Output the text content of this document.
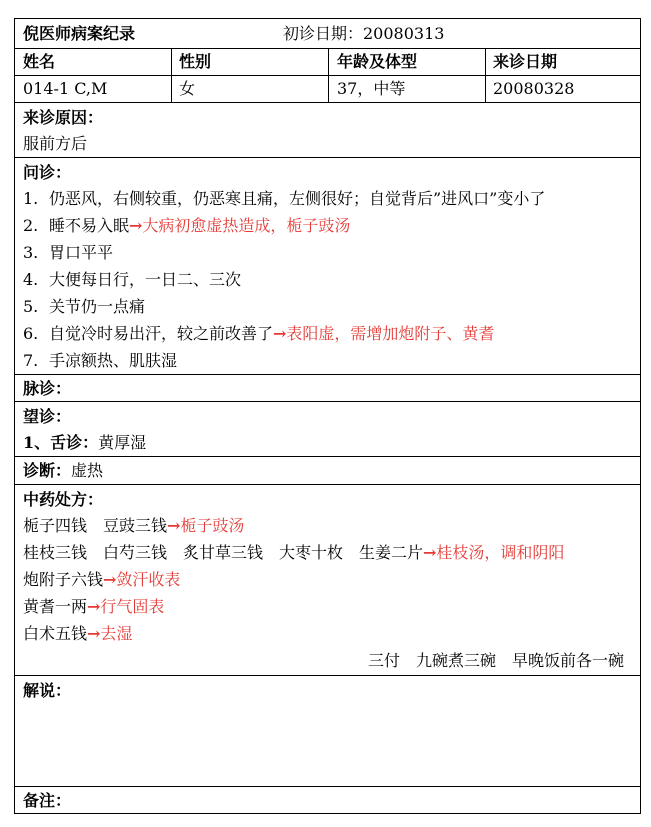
倪医师病案纪录	初诊日期： 20080313
姓名	性别	年龄及体型	来诊日期
014-1 C,M	女	37，中等	20080328
来诊原因：
服前方后
问诊：
1. 仍恶风，右侧较重，仍恶寒且痛，左侧很好；自觉背后”进风口”变小了
2. 睡不易入眠→大病初愈虚热造成，栀子豉汤
3. 胃口平平
4. 大便每日行，一日二、三次
5. 关节仍一点痛
6. 自觉冷时易出汗，较之前改善了→表阳虚，需增加炮附子、黄耆
7. 手凉额热、肌肤湿
脉诊：
望诊：
1、舌诊：黄厚湿
诊断：虚热
中药处方：
栀子四钱　豆豉三钱→栀子豉汤
桂枝三钱　白芍三钱　炙甘草三钱　大枣十枚　生姜二片→桂枝汤，调和阴阳
炮附子六钱→敛汗收表
黄耆一两→行气固表
白术五钱→去湿
三付　九碗煮三碗　早晚饭前各一碗
解说：
备注：
